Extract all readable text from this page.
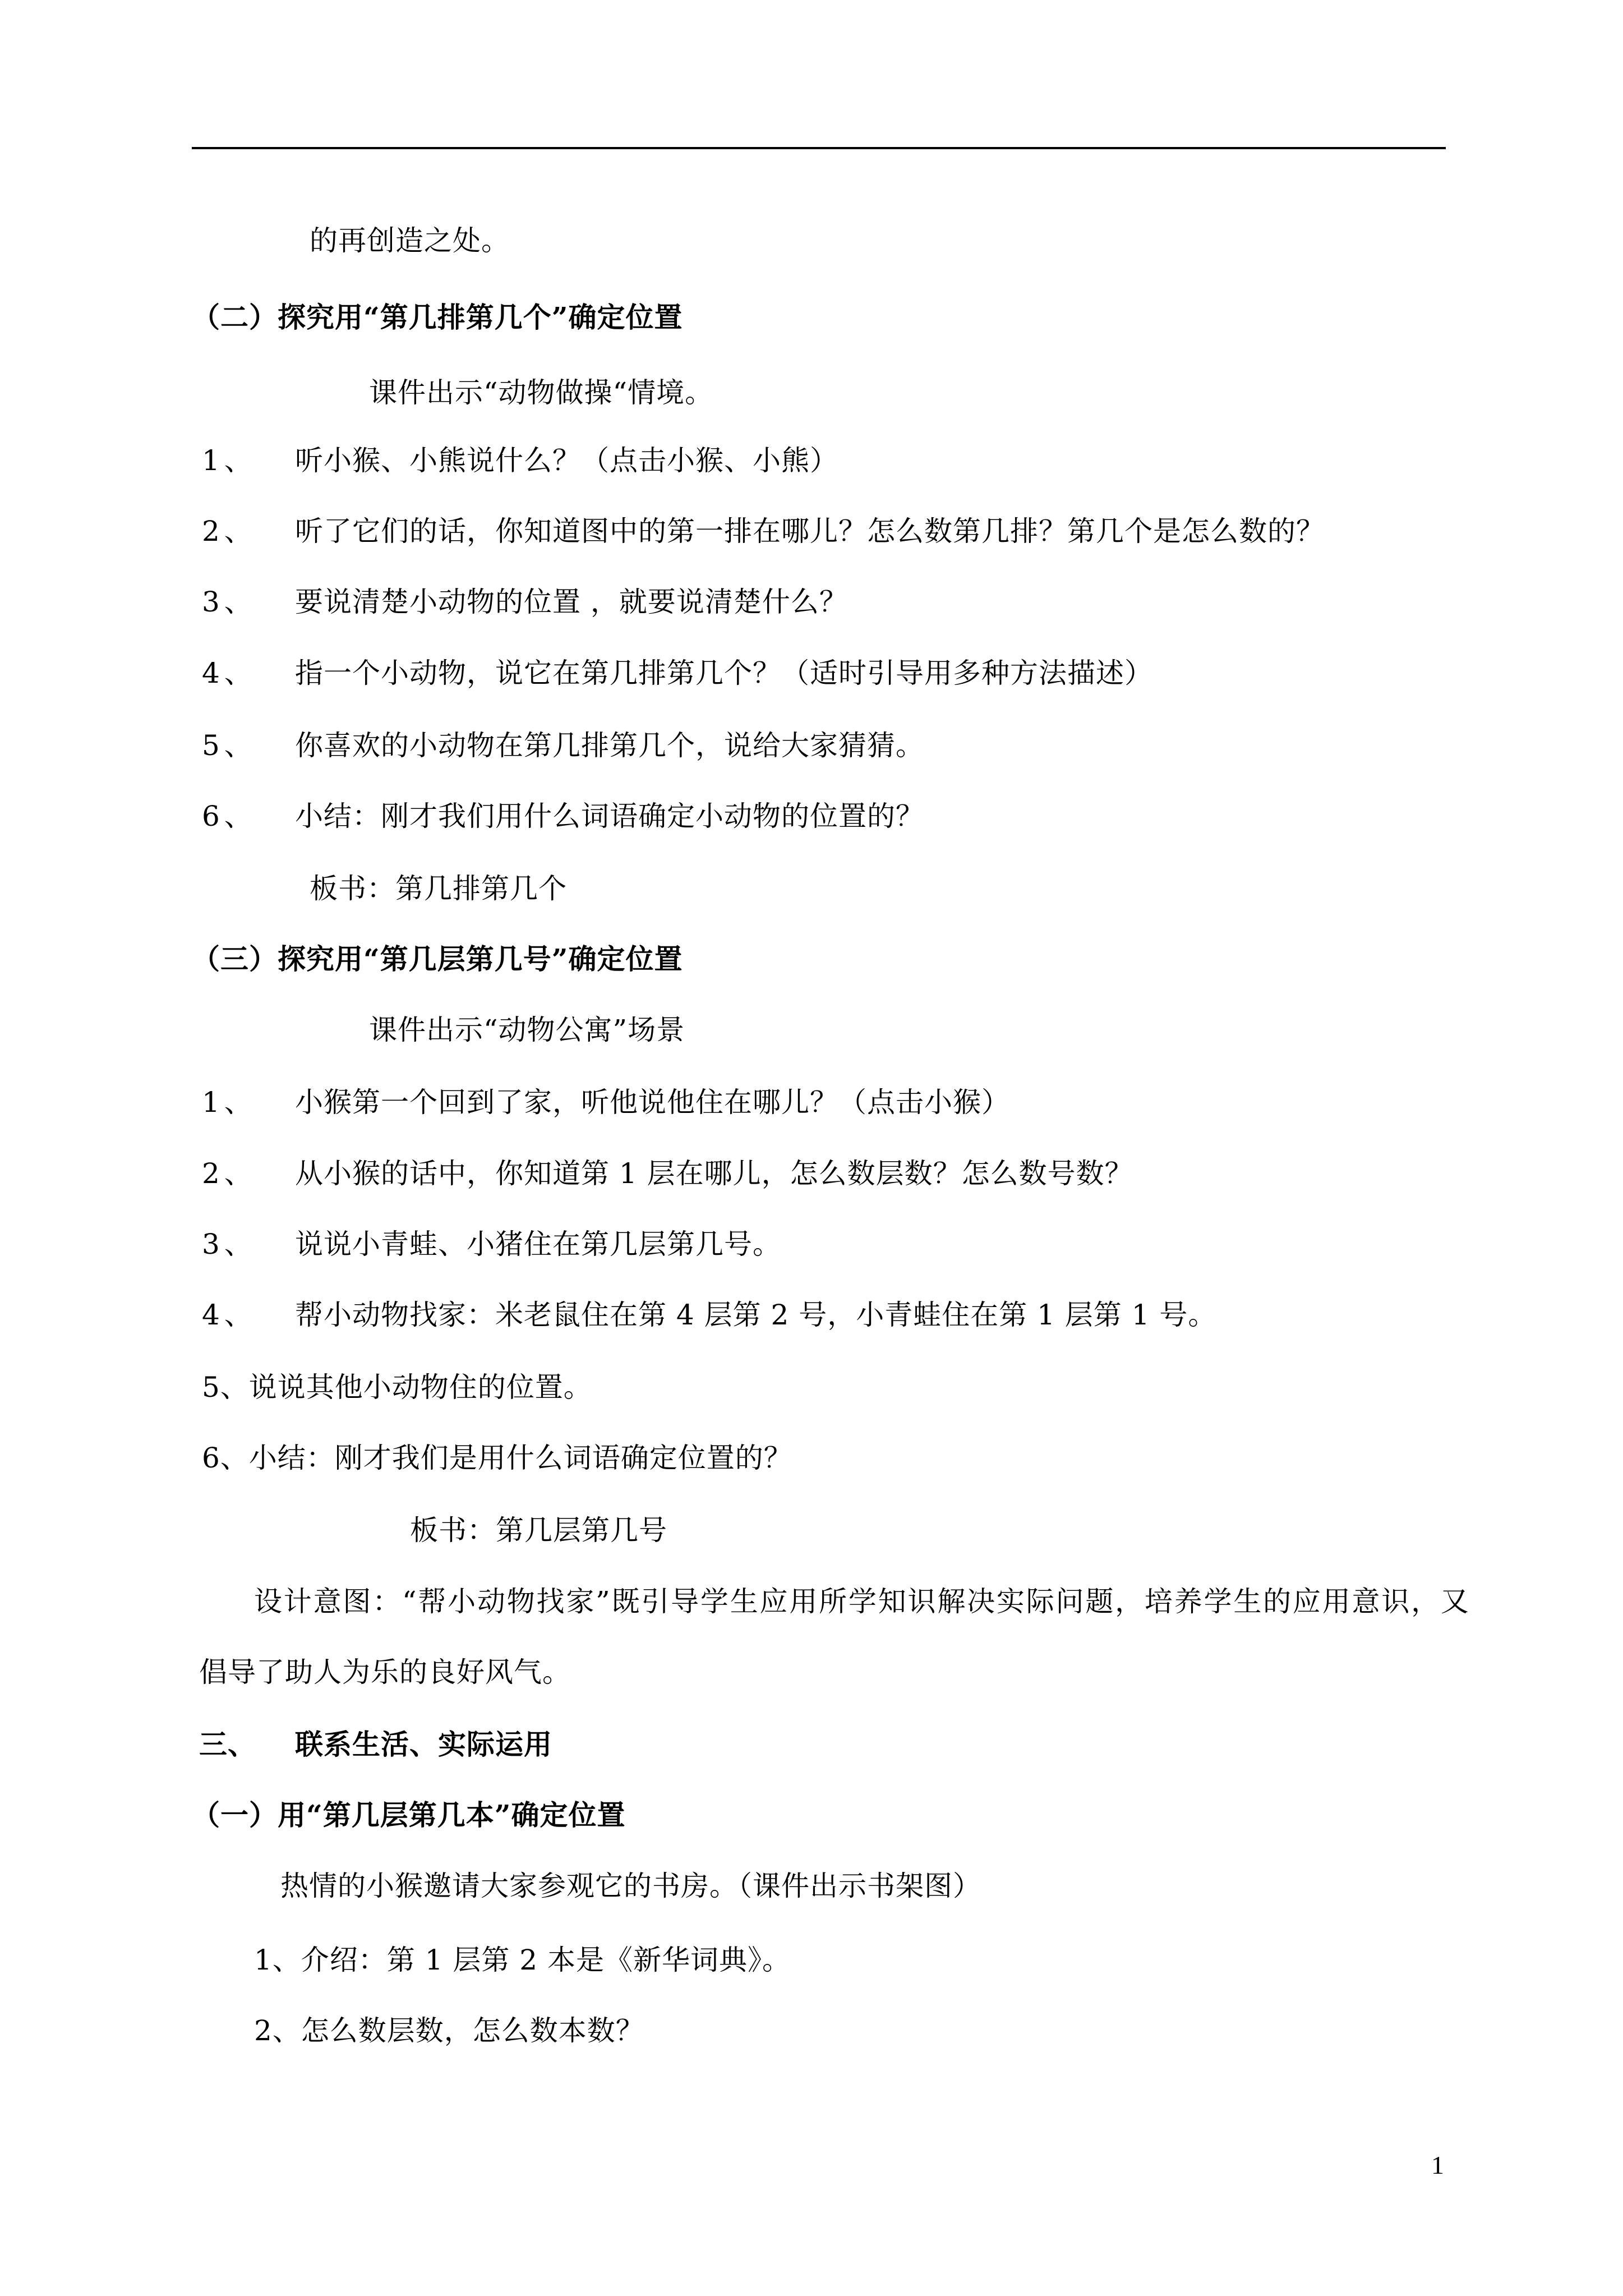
的再创造之处。
（二）探究用“第几排第几个”确定位置
课件出示“动物做操“情境。
1、 听小猴、小熊说什么？（点击小猴、小熊）
2、 听了它们的话，你知道图中的第一排在哪儿？怎么数第几排？第几个是怎么数的？
3、 要说清楚小动物的位置 ，就要说清楚什么？
4、 指一个小动物，说它在第几排第几个？（适时引导用多种方法描述）
5、 你喜欢的小动物在第几排第几个，说给大家猜猜。
6、 小结：刚才我们用什么词语确定小动物的位置的？
板书：第几排第几个
（三）探究用“第几层第几号”确定位置
课件出示“动物公寓”场景
1、 小猴第一个回到了家，听他说他住在哪儿？（点击小猴）
2、 从小猴的话中，你知道第 1 层在哪儿，怎么数层数？怎么数号数？
3、 说说小青蛙、小猪住在第几层第几号。
4、 帮小动物找家：米老鼠住在第 4 层第 2 号，小青蛙住在第 1 层第 1 号。
5、说说其他小动物住的位置。
6、小结：刚才我们是用什么词语确定位置的？
板书：第几层第几号
设计意图：“帮小动物找家”既引导学生应用所学知识解决实际问题，培养学生的应用意识，又
倡导了助人为乐的良好风气。
三、 联系生活、实际运用
（一）用“第几层第几本”确定位置
热情的小猴邀请大家参观它的书房。（课件出示书架图）
1、介绍：第 1 层第 2 本是《新华词典》。
2、怎么数层数，怎么数本数？
1
